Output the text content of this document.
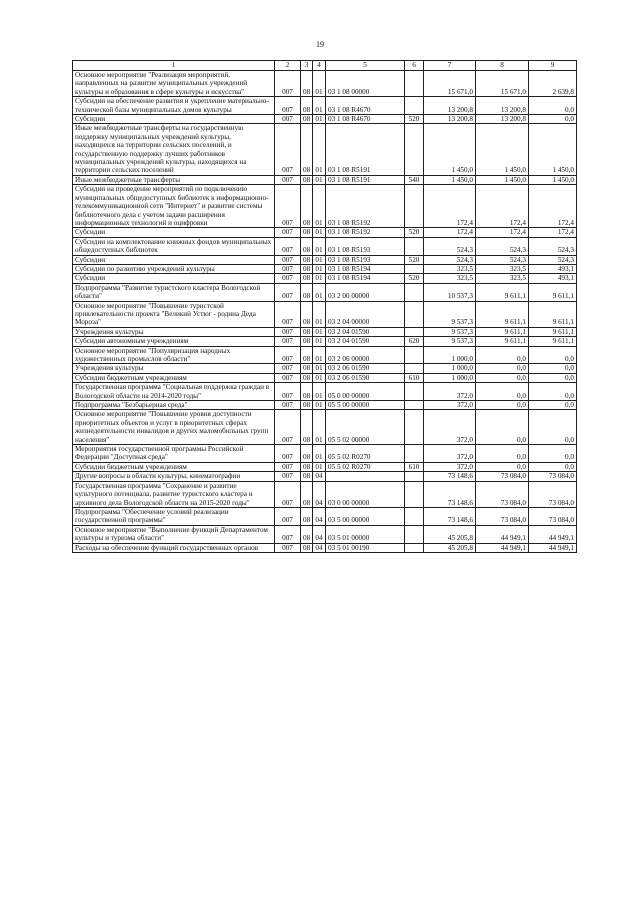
19
1	2	3	4	5	6	7	8	9
Основное мероприятие "Реализация мероприятий, направленных на развитие муниципальных учреждений культуры и образования в сфере культуры и искусства"	007	08	01	03 1 08 00000		15 671,0	15 671,0	2 639,8
Субсидии на обеспечение развития и укрепление материально-технической базы муниципальных домов культуры	007	08	01	03 1 08 R4670		13 200,8	13 200,8	0,0
Субсидии	007	08	01	03 1 08 R4670	520	13 200,8	13 200,8	0,0
Иные межбюджетные трансферты на государственную поддержку муниципальных учреждений культуры, находящихся на территории сельских поселений, и государственную поддержку лучших работников муниципальных учреждений культуры, находящихся на территории сельских поселений	007	08	01	03 1 08 R5191		1 450,0	1 450,0	1 450,0
Иные межбюджетные трансферты	007	08	01	03 1 08 R5191	540	1 450,0	1 450,0	1 450,0
Субсидии на проведение мероприятий по подключению муниципальных общедоступных библиотек к информационно-телекоммуникационной сети "Интернет" и развитие системы библиотечного дела с учетом задачи расширения информационных технологий и оцифровки	007	08	01	03 1 08 R5192		172,4	172,4	172,4
Субсидии	007	08	01	03 1 08 R5192	520	172,4	172,4	172,4
Субсидии на комплектование книжных фондов муниципальных общедоступных библиотек	007	08	01	03 1 08 R5193		524,3	524,3	524,3
Субсидии	007	08	01	03 1 08 R5193	520	524,3	524,3	524,3
Субсидии по развитию учреждений культуры	007	08	01	03 1 08 R5194		323,5	323,5	493,1
Субсидии	007	08	01	03 1 08 R5194	520	323,5	323,5	493,1
Подпрограмма "Развитие туристского кластера Вологодской области"	007	08	01	03 2 00 00000		10 537,3	9 611,1	9 611,1
Основное мероприятие "Повышение туристской привлекательности проекта "Великий Устюг - родина Деда Мороза"	007	08	01	03 2 04 00000		9 537,3	9 611,1	9 611,1
Учреждения культуры	007	08	01	03 2 04 01590		9 537,3	9 611,1	9 611,1
Субсидии автономным учреждениям	007	08	01	03 2 04 01590	620	9 537,3	9 611,1	9 611,1
Основное мероприятие "Популяризация народных художественных промыслов области"	007	08	01	03 2 06 00000		1 000,0	0,0	0,0
Учреждения культуры	007	08	01	03 2 06 01590		1 000,0	0,0	0,0
Субсидии бюджетным учреждениям	007	08	01	03 2 06 01590	610	1 000,0	0,0	0,0
Государственная программа "Социальная поддержка граждан в Вологодской области на 2014-2020 годы"	007	08	01	05 0 00 00000		372,0	0,0	0,0
Подпрограмма "Безбарьерная среда"	007	08	01	05 5 00 00000		372,0	0,0	0,0
Основное мероприятие "Повышение уровня доступности приоритетных объектов и услуг в приоритетных сферах жизнедеятельности инвалидов и других маломобильных групп населения"	007	08	01	05 5 02 00000		372,0	0,0	0,0
Мероприятия государственной программы Российской Федерации "Доступная среда"	007	08	01	05 5 02 R0270		372,0	0,0	0,0
Субсидии бюджетным учреждениям	007	08	01	05 5 02 R0270	610	372,0	0,0	0,0
Другие вопросы в области культуры, кинематографии	007	08	04			73 148,6	73 084,0	73 084,0
Государственная программа "Сохранение и развитие культурного потенциала, развитие туристского кластера и архивного дела Вологодской области на 2015-2020 годы"	007	08	04	03 0 00 00000		73 148,6	73 084,0	73 084,0
Подпрограмма "Обеспечение условий реализации государственной программы"	007	08	04	03 5 00 00000		73 148,6	73 084,0	73 084,0
Основное мероприятие "Выполнение функций Департаментом культуры и туризма области"	007	08	04	03 5 01 00000		45 205,8	44 949,1	44 949,1
Расходы на обеспечение функций государственных органов	007	08	04	03 5 01 00190		45 205,8	44 949,1	44 949,1
